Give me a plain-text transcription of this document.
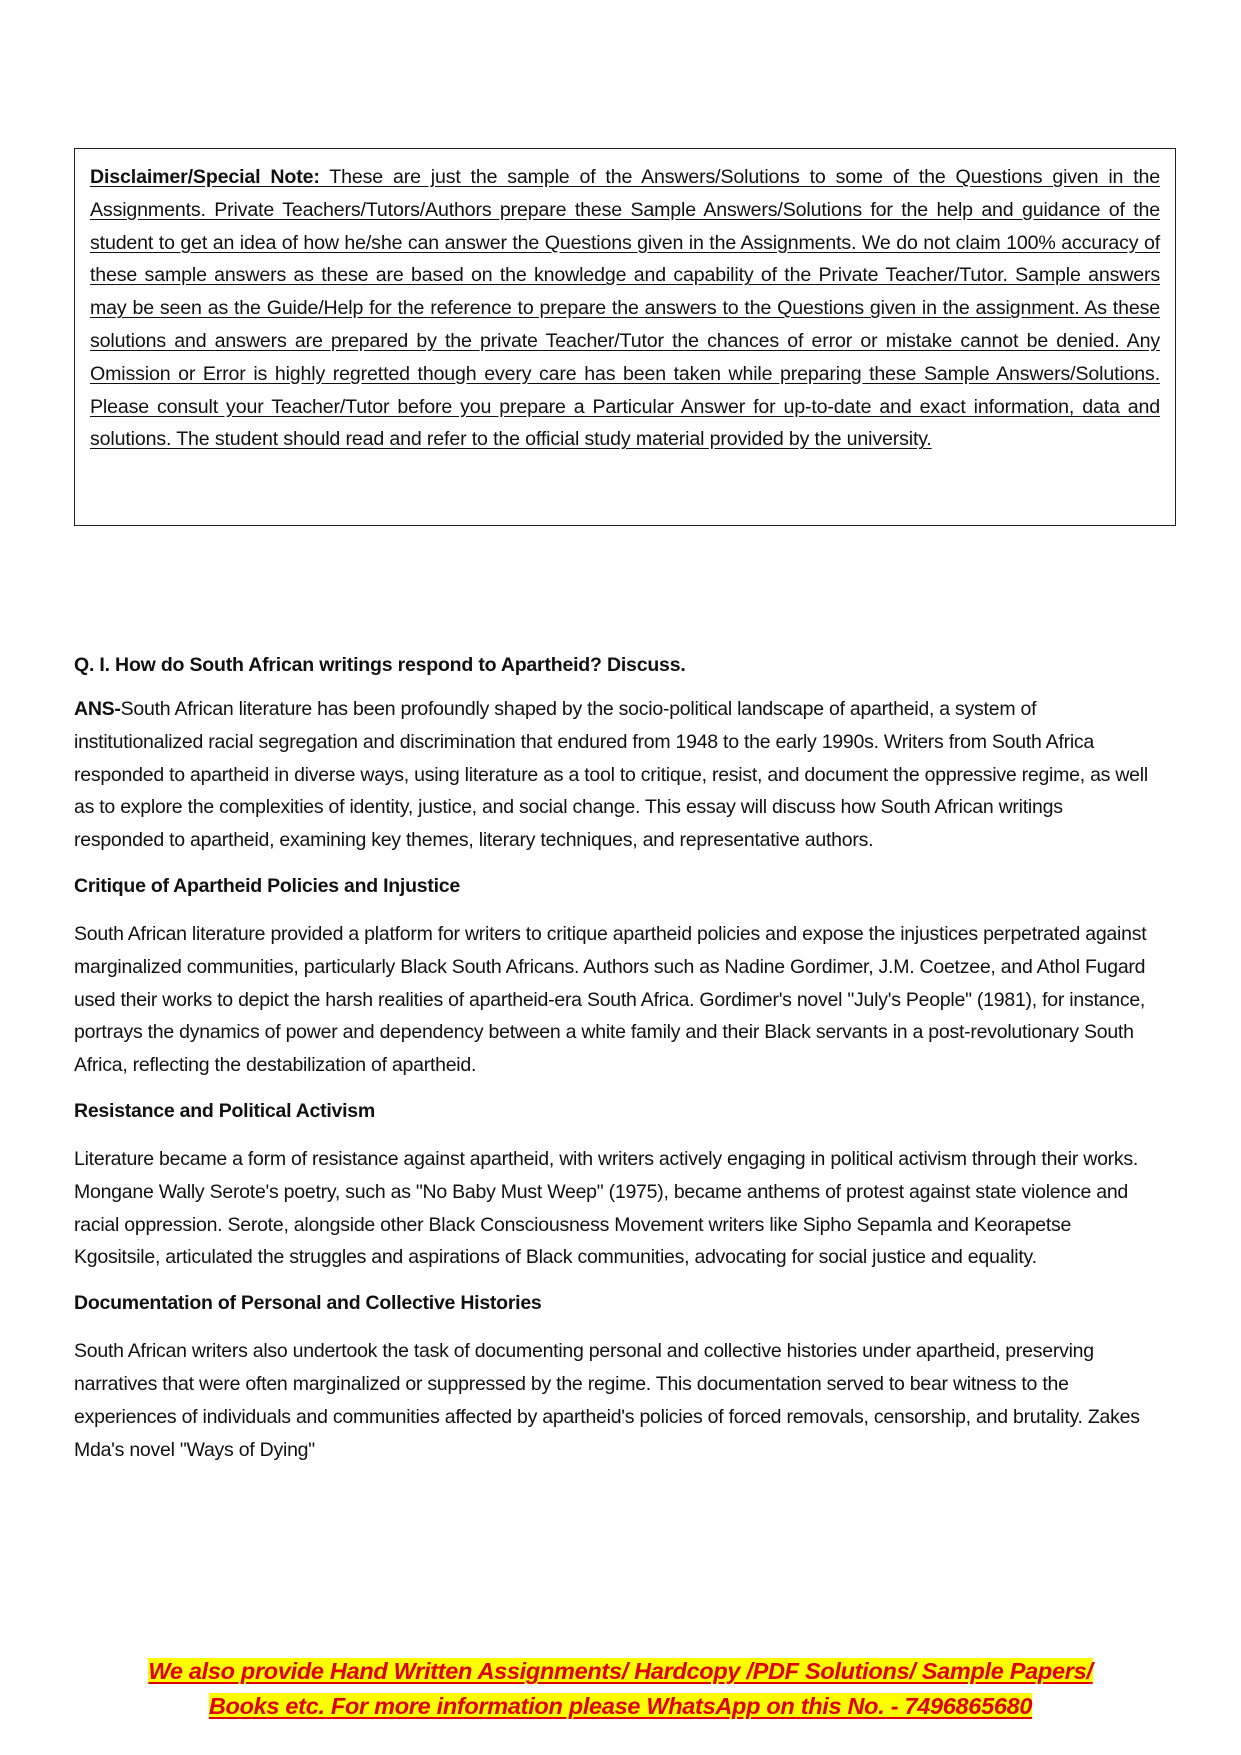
Disclaimer/Special Note: These are just the sample of the Answers/Solutions to some of the Questions given in the Assignments. Private Teachers/Tutors/Authors prepare these Sample Answers/Solutions for the help and guidance of the student to get an idea of how he/she can answer the Questions given in the Assignments. We do not claim 100% accuracy of these sample answers as these are based on the knowledge and capability of the Private Teacher/Tutor. Sample answers may be seen as the Guide/Help for the reference to prepare the answers to the Questions given in the assignment. As these solutions and answers are prepared by the private Teacher/Tutor the chances of error or mistake cannot be denied. Any Omission or Error is highly regretted though every care has been taken while preparing these Sample Answers/Solutions. Please consult your Teacher/Tutor before you prepare a Particular Answer for up-to-date and exact information, data and solutions. The student should read and refer to the official study material provided by the university.
Q. I. How do South African writings respond to Apartheid? Discuss.

ANS-South African literature has been profoundly shaped by the socio-political landscape of apartheid, a system of institutionalized racial segregation and discrimination that endured from 1948 to the early 1990s. Writers from South Africa responded to apartheid in diverse ways, using literature as a tool to critique, resist, and document the oppressive regime, as well as to explore the complexities of identity, justice, and social change. This essay will discuss how South African writings responded to apartheid, examining key themes, literary techniques, and representative authors.

Critique of Apartheid Policies and Injustice

South African literature provided a platform for writers to critique apartheid policies and expose the injustices perpetrated against marginalized communities, particularly Black South Africans. Authors such as Nadine Gordimer, J.M. Coetzee, and Athol Fugard used their works to depict the harsh realities of apartheid-era South Africa. Gordimer's novel "July's People" (1981), for instance, portrays the dynamics of power and dependency between a white family and their Black servants in a post-revolutionary South Africa, reflecting the destabilization of apartheid.

Resistance and Political Activism

Literature became a form of resistance against apartheid, with writers actively engaging in political activism through their works. Mongane Wally Serote's poetry, such as "No Baby Must Weep" (1975), became anthems of protest against state violence and racial oppression. Serote, alongside other Black Consciousness Movement writers like Sipho Sepamla and Keorapetse Kgositsile, articulated the struggles and aspirations of Black communities, advocating for social justice and equality.

Documentation of Personal and Collective Histories

South African writers also undertook the task of documenting personal and collective histories under apartheid, preserving narratives that were often marginalized or suppressed by the regime. This documentation served to bear witness to the experiences of individuals and communities affected by apartheid's policies of forced removals, censorship, and brutality. Zakes Mda's novel "Ways of Dying"

We also provide Hand Written Assignments/ Hardcopy /PDF Solutions/ Sample Papers/
Books etc. For more information please WhatsApp on this No. - 7496865680
